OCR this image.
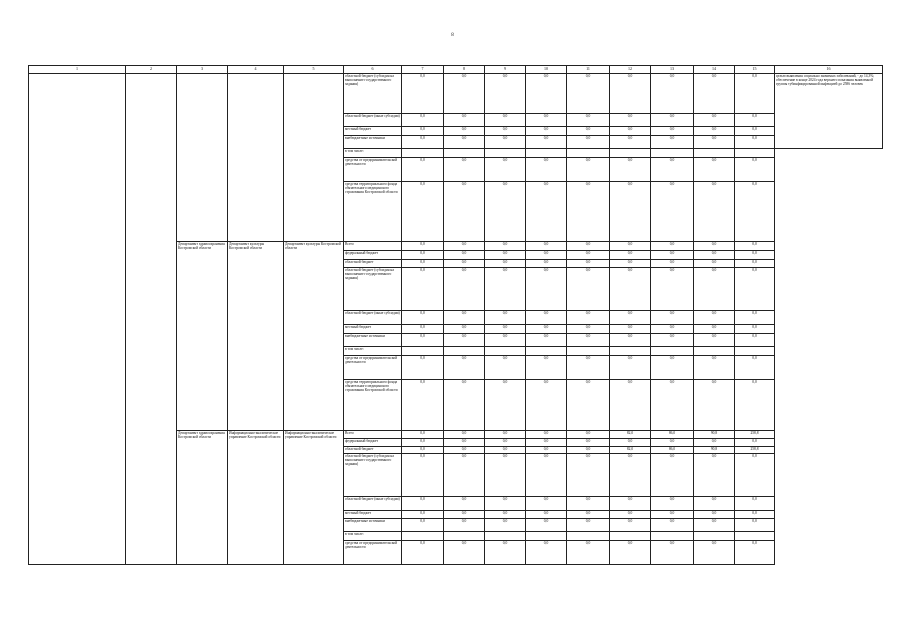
8
1	2	3	4	5	6	7	8	9	10	11	12	13	14	15	16
					областной бюджет (субсидия на выполнение государственного задания)	0,0	0,0	0,0	0,0	0,0	0,0	0,0	0,0	0,0	целью выявления социально значимых заболеваний, - до 14,3%; обеспечение в конце 2024 года верхнего показания выявленной группы тубинфицированной инфекцией до 2586 человек
					областной бюджет (иные субсидии)	0,0	0,0	0,0	0,0	0,0	0,0	0,0	0,0	0,0	
					местный бюджет	0,0	0,0	0,0	0,0	0,0	0,0	0,0	0,0	0,0	
					внебюджетные источники	0,0	0,0	0,0	0,0	0,0	0,0	0,0	0,0	0,0	
					в том числе:										
					средства от предпринимательской деятельности	0,0	0,0	0,0	0,0	0,0	0,0	0,0	0,0	0,0	
					средства территориального фонда обязательного медицинского страхования Костромской области	0,0	0,0	0,0	0,0	0,0	0,0	0,0	0,0	0,0	
		Департамент здравоохранения Костромской области	Департамент культуры Костромской области	Департамент культуры Костромской области	Всего	0,0	0,0	0,0	0,0	0,0	0,0	0,0	0,0	0,0	
					федеральный бюджет	0,0	0,0	0,0	0,0	0,0	0,0	0,0	0,0	0,0	
					областной бюджет	0,0	0,0	0,0	0,0	0,0	0,0	0,0	0,0	0,0	
					областной бюджет (субсидия на выполнение государственного задания)	0,0	0,0	0,0	0,0	0,0	0,0	0,0	0,0	0,0	
					областной бюджет (иные субсидии)	0,0	0,0	0,0	0,0	0,0	0,0	0,0	0,0	0,0	
					местный бюджет	0,0	0,0	0,0	0,0	0,0	0,0	0,0	0,0	0,0	
					внебюджетные источники	0,0	0,0	0,0	0,0	0,0	0,0	0,0	0,0	0,0	
					в том числе:										
					средства от предпринимательской деятельности	0,0	0,0	0,0	0,0	0,0	0,0	0,0	0,0	0,0	
					средства территориального фонда обязательного медицинского страхования Костромской области	0,0	0,0	0,0	0,0	0,0	0,0	0,0	0,0	0,0	
		Департамент здравоохранения Костромской области	Информационно-аналитическое управление Костромской области	Информационно-аналитическое управление Костромской области	Всего	0,0	0,0	0,0	0,0	0,0	82,0	86,0	90,8	258,8	
					федеральный бюджет	0,0	0,0	0,0	0,0	0,0	0,0	0,0	0,0	0,0	
					областной бюджет	0,0	0,0	0,0	0,0	0,0	82,0	86,0	90,8	258,8	
					областной бюджет (субсидия на выполнение государственного задания)	0,0	0,0	0,0	0,0	0,0	0,0	0,0	0,0	0,0	
					областной бюджет (иные субсидии)	0,0	0,0	0,0	0,0	0,0	0,0	0,0	0,0	0,0	
					местный бюджет	0,0	0,0	0,0	0,0	0,0	0,0	0,0	0,0	0,0	
					внебюджетные источники	0,0	0,0	0,0	0,0	0,0	0,0	0,0	0,0	0,0	
					в том числе:										
					средства от предпринимательской деятельности	0,0	0,0	0,0	0,0	0,0	0,0	0,0	0,0	0,0	
